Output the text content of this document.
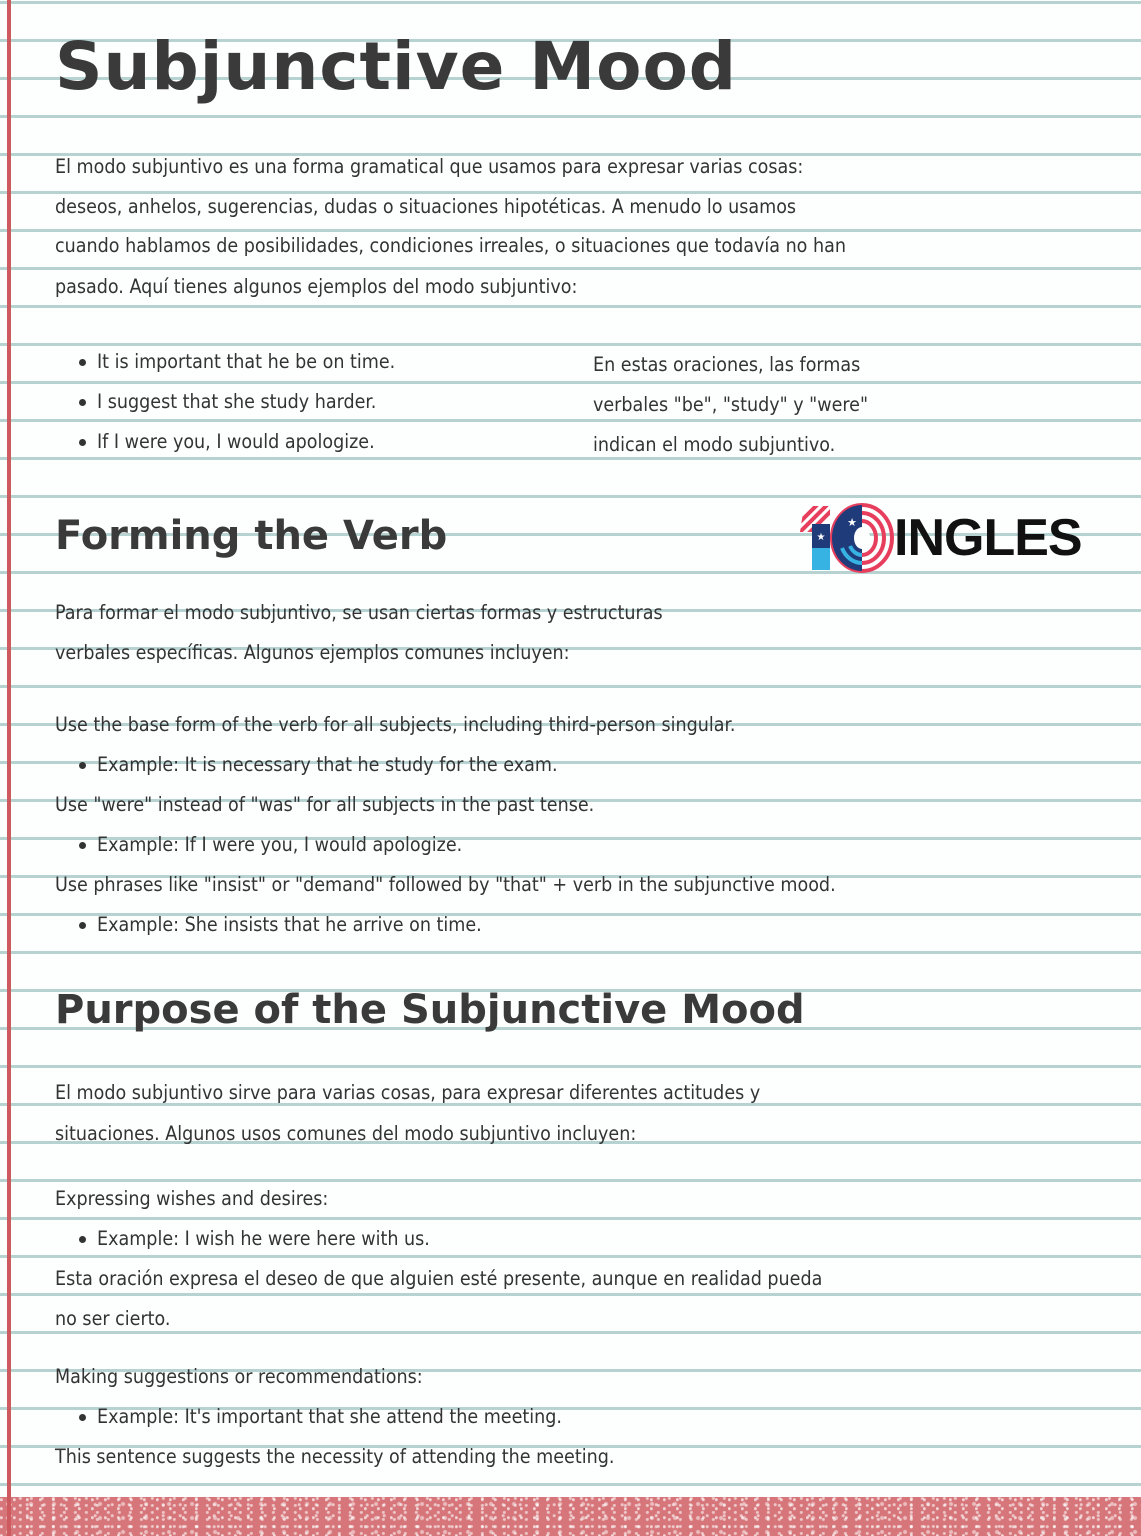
Subjunctive Mood
El modo subjuntivo es una forma gramatical que usamos para expresar varias cosas:
deseos, anhelos, sugerencias, dudas o situaciones hipotéticas. A menudo lo usamos
cuando hablamos de posibilidades, condiciones irreales, o situaciones que todavía no han
pasado. Aquí tienes algunos ejemplos del modo subjuntivo:
It is important that he be on time.
I suggest that she study harder.
If I were you, I would apologize.
En estas oraciones, las formas
verbales "be", "study" y "were"
indican el modo subjuntivo.
Forming the Verb	★
★ INGLES
Para formar el modo subjuntivo, se usan ciertas formas y estructuras
verbales específicas. Algunos ejemplos comunes incluyen:
Use the base form of the verb for all subjects, including third-person singular.
Example: It is necessary that he study for the exam.
Use "were" instead of "was" for all subjects in the past tense.
Example: If I were you, I would apologize.
Use phrases like "insist" or "demand" followed by "that" + verb in the subjunctive mood.
Example: She insists that he arrive on time.
Purpose of the Subjunctive Mood
El modo subjuntivo sirve para varias cosas, para expresar diferentes actitudes y
situaciones. Algunos usos comunes del modo subjuntivo incluyen:
Expressing wishes and desires:
Example: I wish he were here with us.
Esta oración expresa el deseo de que alguien esté presente, aunque en realidad pueda
no ser cierto.
Making suggestions or recommendations:
Example: It's important that she attend the meeting.
This sentence suggests the necessity of attending the meeting.
